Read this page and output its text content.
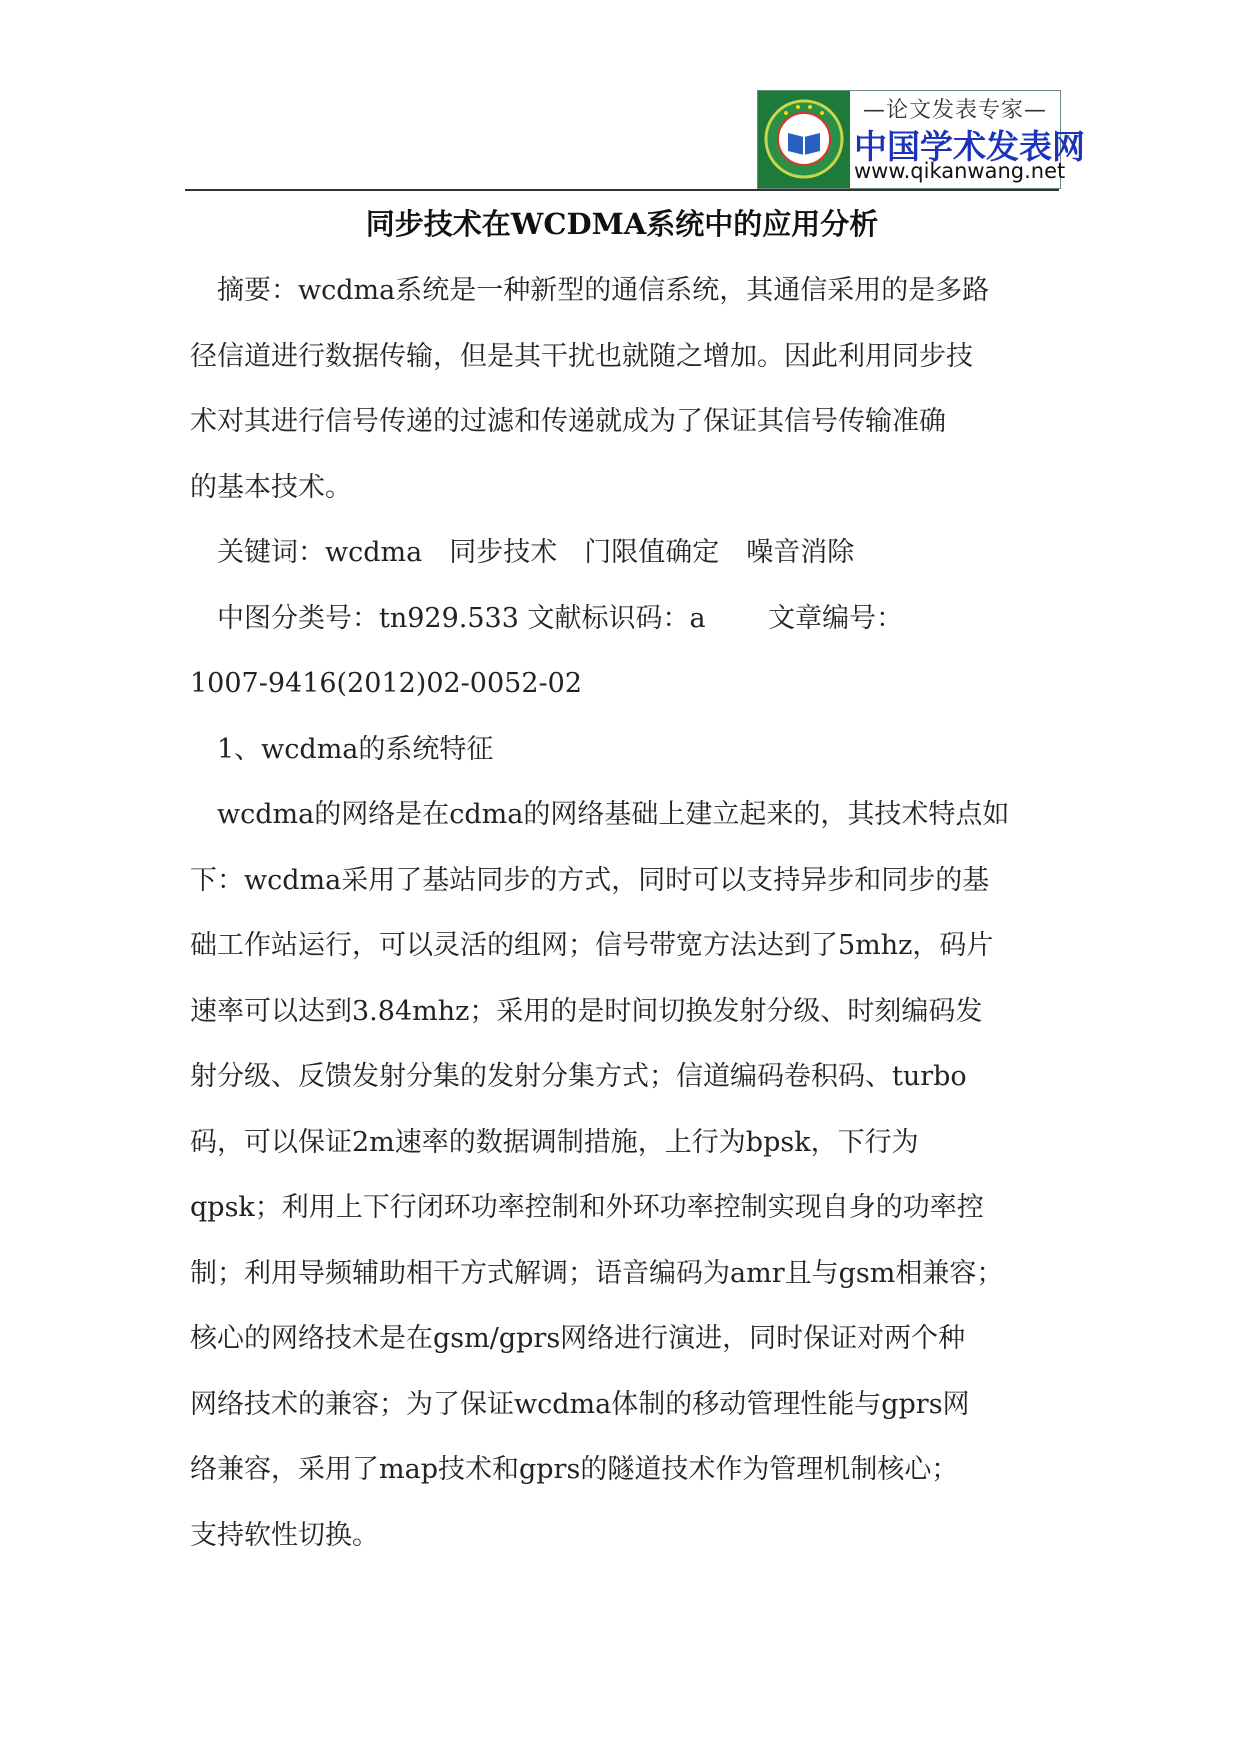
—论文发表专家—
中国学术发表网
www.qikanwang.net
同步技术在WCDMA系统中的应用分析

摘要：wcdma系统是一种新型的通信系统，其通信采用的是多路
径信道进行数据传输，但是其干扰也就随之增加。因此利用同步技
术对其进行信号传递的过滤和传递就成为了保证其信号传输准确
的基本技术。

关键词：wcdma　同步技术　门限值确定　噪音消除

中图分类号：tn929.533 文献标识码：a　　 文章编号：
1007-9416(2012)02-0052-02

1、wcdma的系统特征

wcdma的网络是在cdma的网络基础上建立起来的，其技术特点如
下：wcdma采用了基站同步的方式，同时可以支持异步和同步的基
础工作站运行，可以灵活的组网；信号带宽方法达到了5mhz，码片
速率可以达到3.84mhz；采用的是时间切换发射分级、时刻编码发
射分级、反馈发射分集的发射分集方式；信道编码卷积码、turbo
码，可以保证2m速率的数据调制措施，上行为bpsk，下行为
qpsk；利用上下行闭环功率控制和外环功率控制实现自身的功率控
制；利用导频辅助相干方式解调；语音编码为amr且与gsm相兼容；
核心的网络技术是在gsm/gprs网络进行演进，同时保证对两个种
网络技术的兼容；为了保证wcdma体制的移动管理性能与gprs网
络兼容，采用了map技术和gprs的隧道技术作为管理机制核心；
支持软性切换。
